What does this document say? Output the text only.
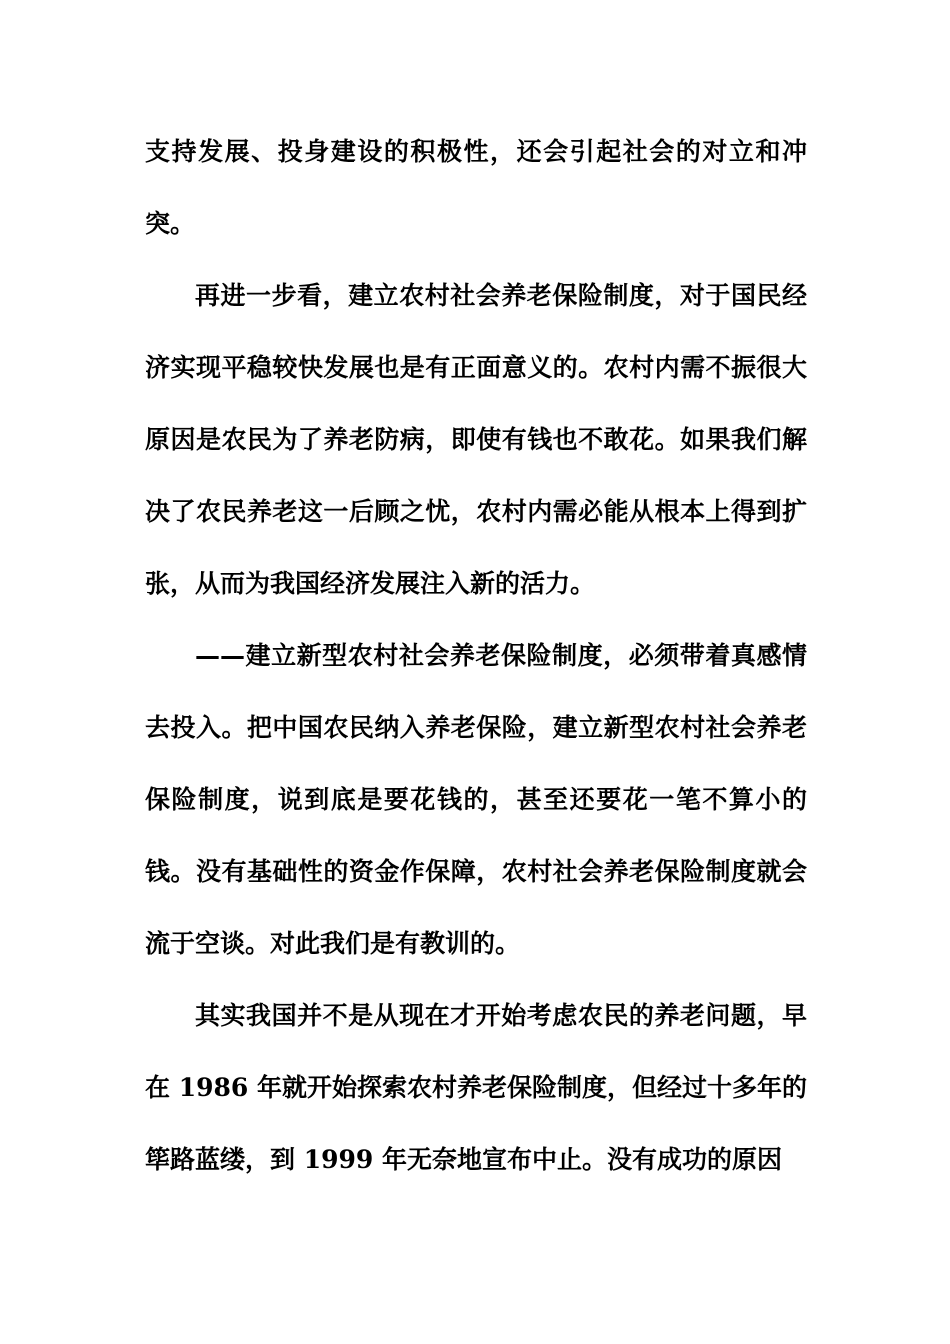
支持发展、投身建设的积极性，还会引起社会的对立和冲突。

再进一步看，建立农村社会养老保险制度，对于国民经济实现平稳较快发展也是有正面意义的。农村内需不振很大原因是农民为了养老防病，即使有钱也不敢花。如果我们解决了农民养老这一后顾之忧，农村内需必能从根本上得到扩张，从而为我国经济发展注入新的活力。

——建立新型农村社会养老保险制度，必须带着真感情去投入。把中国农民纳入养老保险，建立新型农村社会养老保险制度，说到底是要花钱的，甚至还要花一笔不算小的钱。没有基础性的资金作保障，农村社会养老保险制度就会流于空谈。对此我们是有教训的。

其实我国并不是从现在才开始考虑农民的养老问题，早在 1986 年就开始探索农村养老保险制度，但经过十多年的筚路蓝缕，到 1999 年无奈地宣布中止。没有成功的原因
